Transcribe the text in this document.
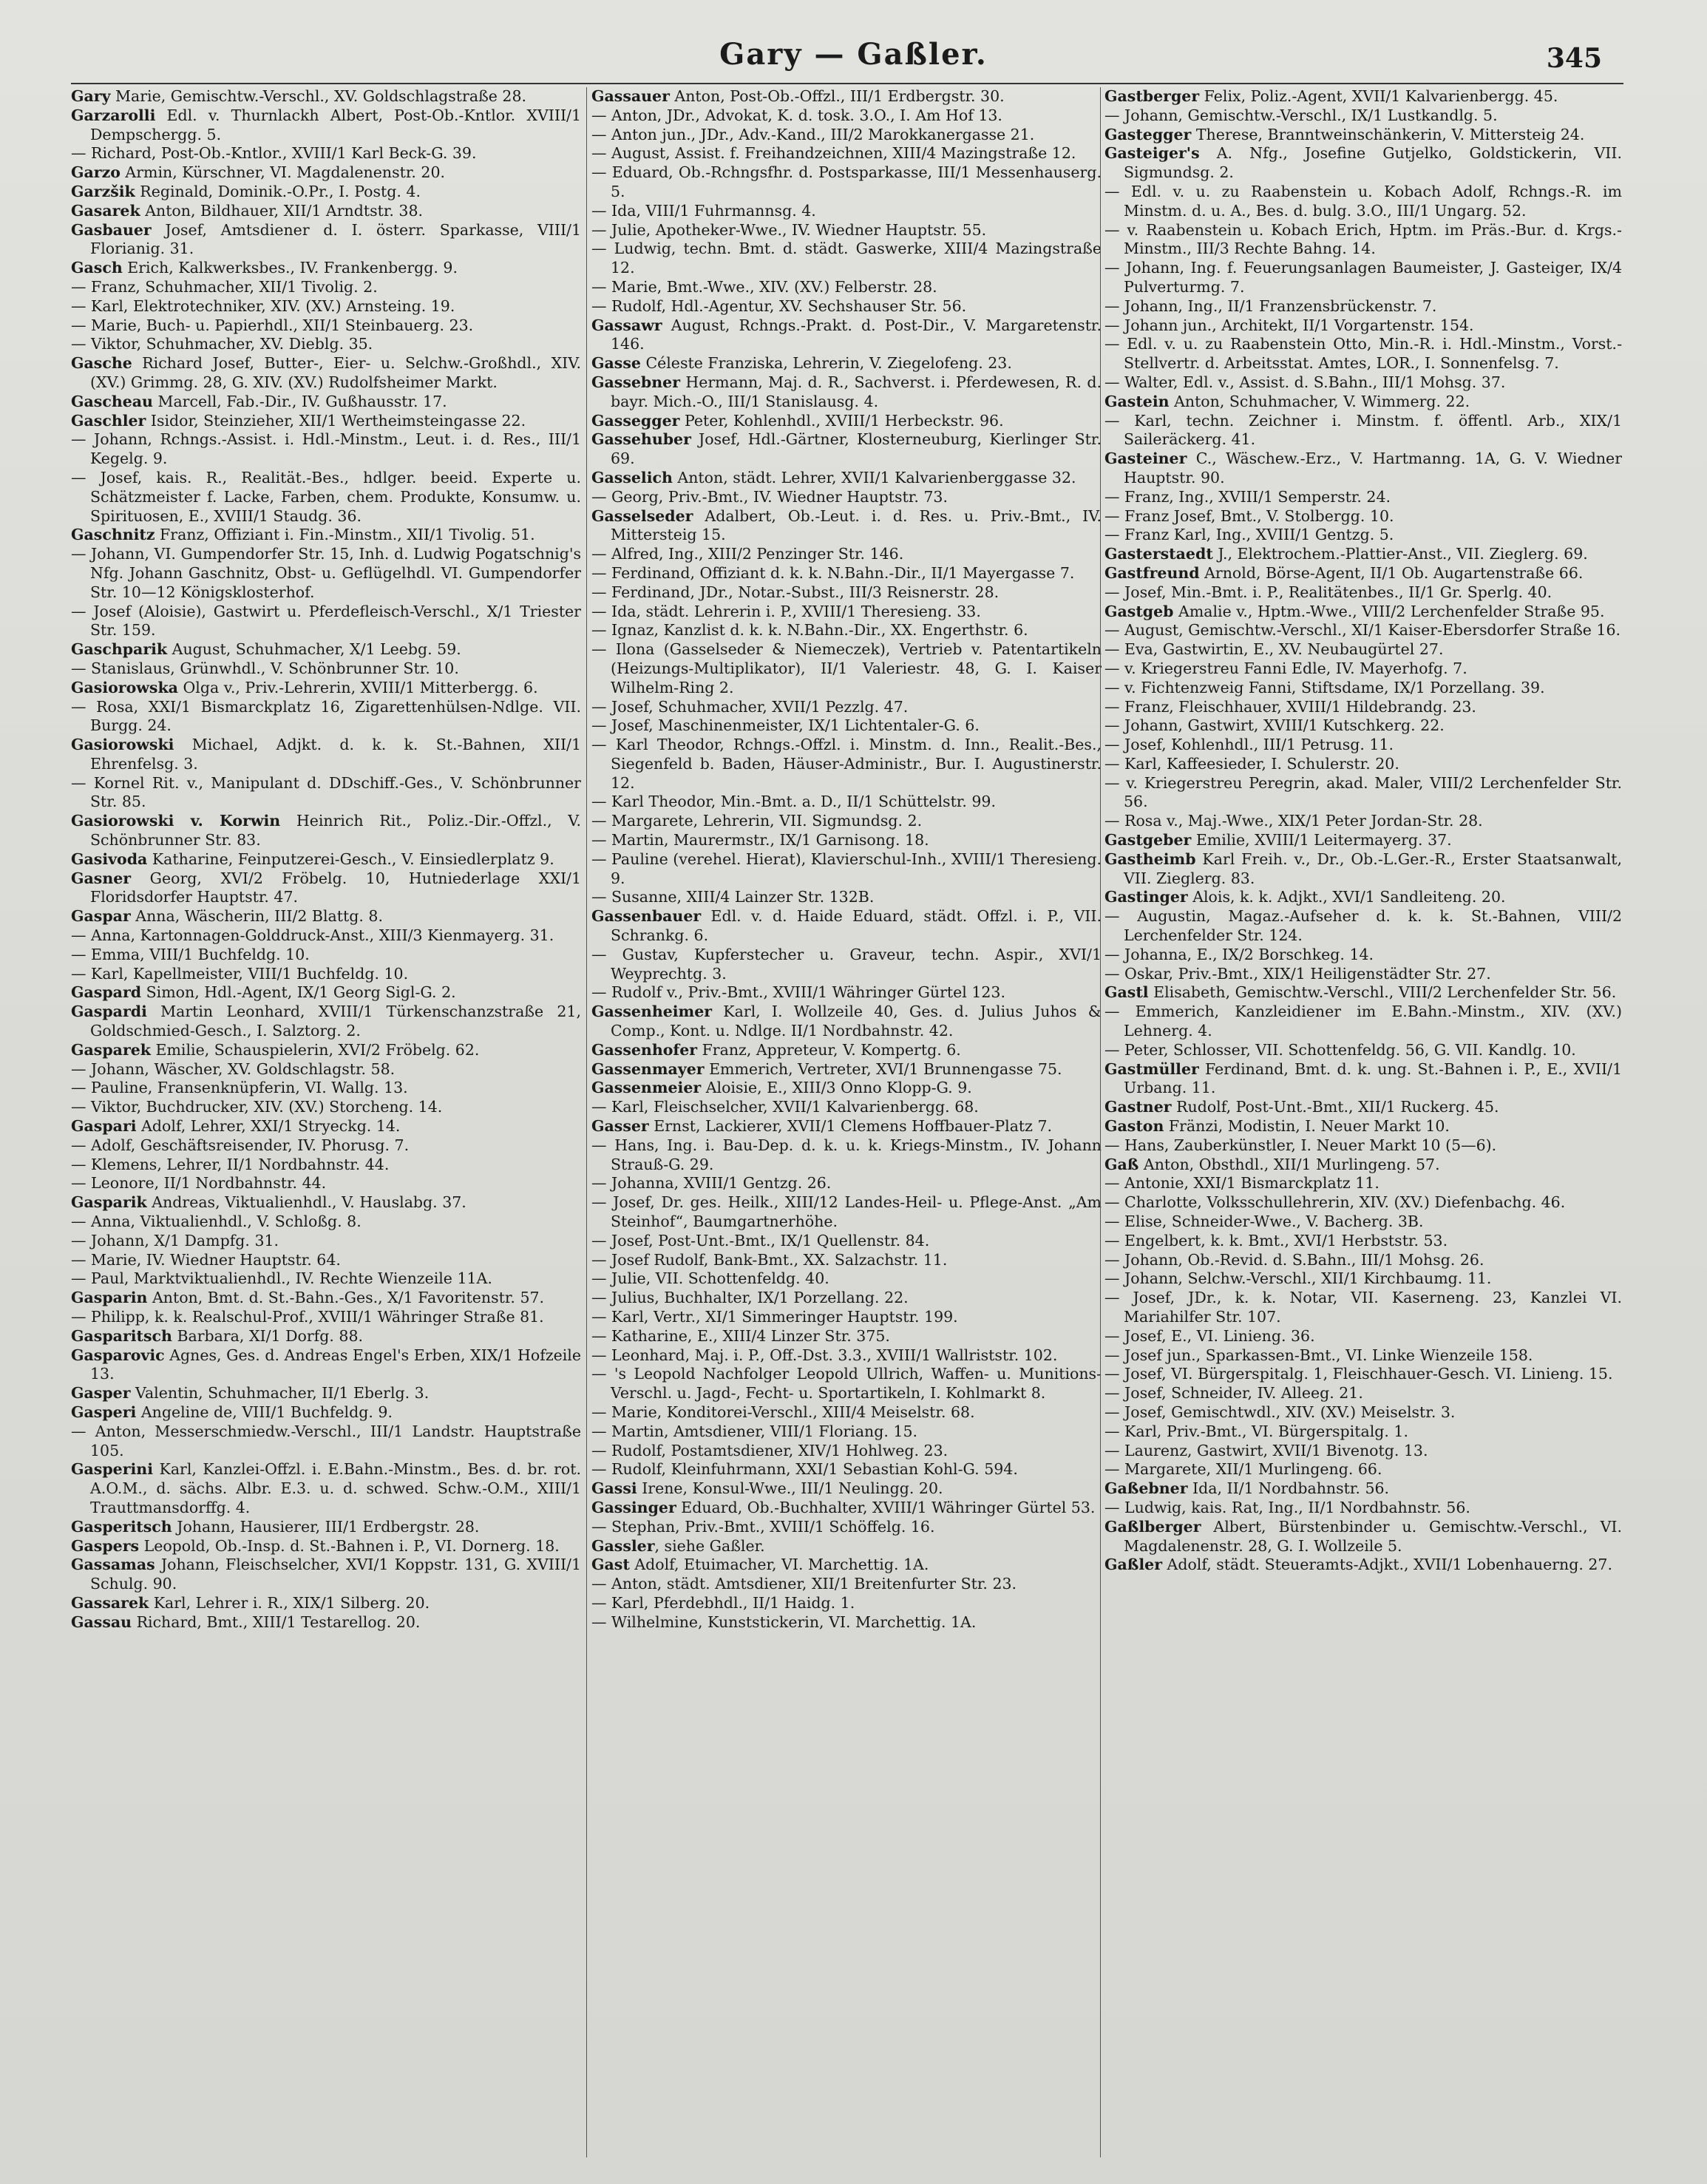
Gary — Gaßler.	345

Gary Marie, Gemischtw.-Verschl., XV. Goldschlagstraße 28.

Garzarolli Edl. v. Thurnlackh Albert, Post-Ob.-Kntlor. XVIII/1 Dempschergg. 5.

— Richard, Post-Ob.-Kntlor., XVIII/1 Karl Beck-G. 39.

Garzo Armin, Kürschner, VI. Magdalenenstr. 20.

Garzšik Reginald, Dominik.-O.Pr., I. Postg. 4.

Gasarek Anton, Bildhauer, XII/1 Arndtstr. 38.

Gasbauer Josef, Amtsdiener d. I. österr. Sparkasse, VIII/1 Florianig. 31.

Gasch Erich, Kalkwerksbes., IV. Frankenbergg. 9.

— Franz, Schuhmacher, XII/1 Tivolig. 2.

— Karl, Elektrotechniker, XIV. (XV.) Arnsteing. 19.

— Marie, Buch- u. Papierhdl., XII/1 Steinbauerg. 23.

— Viktor, Schuhmacher, XV. Dieblg. 35.

Gasche Richard Josef, Butter-, Eier- u. Selchw.-Großhdl., XIV. (XV.) Grimmg. 28, G. XIV. (XV.) Rudolfsheimer Markt.

Gascheau Marcell, Fab.-Dir., IV. Gußhausstr. 17.

Gaschler Isidor, Steinzieher, XII/1 Wertheimsteingasse 22.

— Johann, Rchngs.-Assist. i. Hdl.-Minstm., Leut. i. d. Res., III/1 Kegelg. 9.

— Josef, kais. R., Realität.-Bes., hdlger. beeid. Experte u. Schätzmeister f. Lacke, Farben, chem. Produkte, Konsumw. u. Spirituosen, E., XVIII/1 Staudg. 36.

Gaschnitz Franz, Offiziant i. Fin.-Minstm., XII/1 Tivolig. 51.

— Johann, VI. Gumpendorfer Str. 15, Inh. d. Ludwig Pogatschnig's Nfg. Johann Gaschnitz, Obst- u. Geflügelhdl. VI. Gumpendorfer Str. 10—12 Königsklosterhof.

— Josef (Aloisie), Gastwirt u. Pferdefleisch-Verschl., X/1 Triester Str. 159.

Gaschparik August, Schuhmacher, X/1 Leebg. 59.

— Stanislaus, Grünwhdl., V. Schönbrunner Str. 10.

Gasiorowska Olga v., Priv.-Lehrerin, XVIII/1 Mitterbergg. 6.

— Rosa, XXI/1 Bismarckplatz 16, Zigarettenhülsen-Ndlge. VII. Burgg. 24.

Gasiorowski Michael, Adjkt. d. k. k. St.-Bahnen, XII/1 Ehrenfelsg. 3.

— Kornel Rit. v., Manipulant d. DDschiff.-Ges., V. Schönbrunner Str. 85.

Gasiorowski v. Korwin Heinrich Rit., Poliz.-Dir.-Offzl., V. Schönbrunner Str. 83.

Gasivoda Katharine, Feinputzerei-Gesch., V. Einsiedlerplatz 9.

Gasner Georg, XVI/2 Fröbelg. 10, Hutniederlage XXI/1 Floridsdorfer Hauptstr. 47.

Gaspar Anna, Wäscherin, III/2 Blattg. 8.

— Anna, Kartonnagen-Golddruck-Anst., XIII/3 Kienmayerg. 31.

— Emma, VIII/1 Buchfeldg. 10.

— Karl, Kapellmeister, VIII/1 Buchfeldg. 10.

Gaspard Simon, Hdl.-Agent, IX/1 Georg Sigl-G. 2.

Gaspardi Martin Leonhard, XVIII/1 Türkenschanzstraße 21, Goldschmied-Gesch., I. Salztorg. 2.

Gasparek Emilie, Schauspielerin, XVI/2 Fröbelg. 62.

— Johann, Wäscher, XV. Goldschlagstr. 58.

— Pauline, Fransenknüpferin, VI. Wallg. 13.

— Viktor, Buchdrucker, XIV. (XV.) Storcheng. 14.

Gaspari Adolf, Lehrer, XXI/1 Stryeckg. 14.

— Adolf, Geschäftsreisender, IV. Phorusg. 7.

— Klemens, Lehrer, II/1 Nordbahnstr. 44.

— Leonore, II/1 Nordbahnstr. 44.

Gasparik Andreas, Viktualienhdl., V. Hauslabg. 37.

— Anna, Viktualienhdl., V. Schloßg. 8.

— Johann, X/1 Dampfg. 31.

— Marie, IV. Wiedner Hauptstr. 64.

— Paul, Marktviktualienhdl., IV. Rechte Wienzeile 11A.

Gasparin Anton, Bmt. d. St.-Bahn.-Ges., X/1 Favoritenstr. 57.

— Philipp, k. k. Realschul-Prof., XVIII/1 Währinger Straße 81.

Gasparitsch Barbara, XI/1 Dorfg. 88.

Gasparovic Agnes, Ges. d. Andreas Engel's Erben, XIX/1 Hofzeile 13.

Gasper Valentin, Schuhmacher, II/1 Eberlg. 3.

Gasperi Angeline de, VIII/1 Buchfeldg. 9.

— Anton, Messerschmiedw.-Verschl., III/1 Landstr. Hauptstraße 105.

Gasperini Karl, Kanzlei-Offzl. i. E.Bahn.-Minstm., Bes. d. br. rot. A.O.M., d. sächs. Albr. E.3. u. d. schwed. Schw.-O.M., XIII/1 Trauttmansdorffg. 4.

Gasperitsch Johann, Hausierer, III/1 Erdbergstr. 28.

Gaspers Leopold, Ob.-Insp. d. St.-Bahnen i. P., VI. Dornerg. 18.

Gassamas Johann, Fleischselcher, XVI/1 Koppstr. 131, G. XVIII/1 Schulg. 90.

Gassarek Karl, Lehrer i. R., XIX/1 Silberg. 20.

Gassau Richard, Bmt., XIII/1 Testarellog. 20.

Gassauer Anton, Post-Ob.-Offzl., III/1 Erdbergstr. 30.

— Anton, JDr., Advokat, K. d. tosk. 3.O., I. Am Hof 13.

— Anton jun., JDr., Adv.-Kand., III/2 Marokkanergasse 21.

— August, Assist. f. Freihandzeichnen, XIII/4 Mazingstraße 12.

— Eduard, Ob.-Rchngsfhr. d. Postsparkasse, III/1 Messenhauserg. 5.

— Ida, VIII/1 Fuhrmannsg. 4.

— Julie, Apotheker-Wwe., IV. Wiedner Hauptstr. 55.

— Ludwig, techn. Bmt. d. städt. Gaswerke, XIII/4 Mazingstraße 12.

— Marie, Bmt.-Wwe., XIV. (XV.) Felberstr. 28.

— Rudolf, Hdl.-Agentur, XV. Sechshauser Str. 56.

Gassawr August, Rchngs.-Prakt. d. Post-Dir., V. Margaretenstr. 146.

Gasse Céleste Franziska, Lehrerin, V. Ziegelofeng. 23.

Gassebner Hermann, Maj. d. R., Sachverst. i. Pferdewesen, R. d. bayr. Mich.-O., III/1 Stanislausg. 4.

Gassegger Peter, Kohlenhdl., XVIII/1 Herbeckstr. 96.

Gassehuber Josef, Hdl.-Gärtner, Klosterneuburg, Kierlinger Str. 69.

Gasselich Anton, städt. Lehrer, XVII/1 Kalvarienberggasse 32.

— Georg, Priv.-Bmt., IV. Wiedner Hauptstr. 73.

Gasselseder Adalbert, Ob.-Leut. i. d. Res. u. Priv.-Bmt., IV. Mittersteig 15.

— Alfred, Ing., XIII/2 Penzinger Str. 146.

— Ferdinand, Offiziant d. k. k. N.Bahn.-Dir., II/1 Mayergasse 7.

— Ferdinand, JDr., Notar.-Subst., III/3 Reisnerstr. 28.

— Ida, städt. Lehrerin i. P., XVIII/1 Theresieng. 33.

— Ignaz, Kanzlist d. k. k. N.Bahn.-Dir., XX. Engerthstr. 6.

— Ilona (Gasselseder & Niemeczek), Vertrieb v. Patentartikeln (Heizungs-Multiplikator), II/1 Valeriestr. 48, G. I. Kaiser Wilhelm-Ring 2.

— Josef, Schuhmacher, XVII/1 Pezzlg. 47.

— Josef, Maschinenmeister, IX/1 Lichtentaler-G. 6.

— Karl Theodor, Rchngs.-Offzl. i. Minstm. d. Inn., Realit.-Bes., Siegenfeld b. Baden, Häuser-Administr., Bur. I. Augustinerstr. 12.

— Karl Theodor, Min.-Bmt. a. D., II/1 Schüttelstr. 99.

— Margarete, Lehrerin, VII. Sigmundsg. 2.

— Martin, Maurermstr., IX/1 Garnisong. 18.

— Pauline (verehel. Hierat), Klavierschul-Inh., XVIII/1 Theresieng. 9.

— Susanne, XIII/4 Lainzer Str. 132B.

Gassenbauer Edl. v. d. Haide Eduard, städt. Offzl. i. P., VII. Schrankg. 6.

— Gustav, Kupferstecher u. Graveur, techn. Aspir., XVI/1 Weyprechtg. 3.

— Rudolf v., Priv.-Bmt., XVIII/1 Währinger Gürtel 123.

Gassenheimer Karl, I. Wollzeile 40, Ges. d. Julius Juhos & Comp., Kont. u. Ndlge. II/1 Nordbahnstr. 42.

Gassenhofer Franz, Appreteur, V. Kompertg. 6.

Gassenmayer Emmerich, Vertreter, XVI/1 Brunnengasse 75.

Gassenmeier Aloisie, E., XIII/3 Onno Klopp-G. 9.

— Karl, Fleischselcher, XVII/1 Kalvarienbergg. 68.

Gasser Ernst, Lackierer, XVII/1 Clemens Hoffbauer-Platz 7.

— Hans, Ing. i. Bau-Dep. d. k. u. k. Kriegs-Minstm., IV. Johann Strauß-G. 29.

— Johanna, XVIII/1 Gentzg. 26.

— Josef, Dr. ges. Heilk., XIII/12 Landes-Heil- u. Pflege-Anst. „Am Steinhof“, Baumgartnerhöhe.

— Josef, Post-Unt.-Bmt., IX/1 Quellenstr. 84.

— Josef Rudolf, Bank-Bmt., XX. Salzachstr. 11.

— Julie, VII. Schottenfeldg. 40.

— Julius, Buchhalter, IX/1 Porzellang. 22.

— Karl, Vertr., XI/1 Simmeringer Hauptstr. 199.

— Katharine, E., XIII/4 Linzer Str. 375.

— Leonhard, Maj. i. P., Off.-Dst. 3.3., XVIII/1 Wallriststr. 102.

— 's Leopold Nachfolger Leopold Ullrich, Waffen- u. Munitions-Verschl. u. Jagd-, Fecht- u. Sportartikeln, I. Kohlmarkt 8.

— Marie, Konditorei-Verschl., XIII/4 Meiselstr. 68.

— Martin, Amtsdiener, VIII/1 Floriang. 15.

— Rudolf, Postamtsdiener, XIV/1 Hohlweg. 23.

— Rudolf, Kleinfuhrmann, XXI/1 Sebastian Kohl-G. 594.

Gassi Irene, Konsul-Wwe., III/1 Neulingg. 20.

Gassinger Eduard, Ob.-Buchhalter, XVIII/1 Währinger Gürtel 53.

— Stephan, Priv.-Bmt., XVIII/1 Schöffelg. 16.

Gassler, siehe Gaßler.

Gast Adolf, Etuimacher, VI. Marchettig. 1A.

— Anton, städt. Amtsdiener, XII/1 Breitenfurter Str. 23.

— Karl, Pferdebhdl., II/1 Haidg. 1.

— Wilhelmine, Kunststickerin, VI. Marchettig. 1A.

Gastberger Felix, Poliz.-Agent, XVII/1 Kalvarienbergg. 45.

— Johann, Gemischtw.-Verschl., IX/1 Lustkandlg. 5.

Gastegger Therese, Branntweinschänkerin, V. Mittersteig 24.

Gasteiger's A. Nfg., Josefine Gutjelko, Goldstickerin, VII. Sigmundsg. 2.

— Edl. v. u. zu Raabenstein u. Kobach Adolf, Rchngs.-R. im Minstm. d. u. A., Bes. d. bulg. 3.O., III/1 Ungarg. 52.

— v. Raabenstein u. Kobach Erich, Hptm. im Präs.-Bur. d. Krgs.-Minstm., III/3 Rechte Bahng. 14.

— Johann, Ing. f. Feuerungsanlagen Baumeister, J. Gasteiger, IX/4 Pulverturmg. 7.

— Johann, Ing., II/1 Franzensbrückenstr. 7.

— Johann jun., Architekt, II/1 Vorgartenstr. 154.

— Edl. v. u. zu Raabenstein Otto, Min.-R. i. Hdl.-Minstm., Vorst.-Stellvertr. d. Arbeitsstat. Amtes, LOR., I. Sonnenfelsg. 7.

— Walter, Edl. v., Assist. d. S.Bahn., III/1 Mohsg. 37.

Gastein Anton, Schuhmacher, V. Wimmerg. 22.

— Karl, techn. Zeichner i. Minstm. f. öffentl. Arb., XIX/1 Saileräckerg. 41.

Gasteiner C., Wäschew.-Erz., V. Hartmanng. 1A, G. V. Wiedner Hauptstr. 90.

— Franz, Ing., XVIII/1 Semperstr. 24.

— Franz Josef, Bmt., V. Stolbergg. 10.

— Franz Karl, Ing., XVIII/1 Gentzg. 5.

Gasterstaedt J., Elektrochem.-Plattier-Anst., VII. Zieglerg. 69.

Gastfreund Arnold, Börse-Agent, II/1 Ob. Augartenstraße 66.

— Josef, Min.-Bmt. i. P., Realitätenbes., II/1 Gr. Sperlg. 40.

Gastgeb Amalie v., Hptm.-Wwe., VIII/2 Lerchenfelder Straße 95.

— August, Gemischtw.-Verschl., XI/1 Kaiser-Ebersdorfer Straße 16.

— Eva, Gastwirtin, E., XV. Neubaugürtel 27.

— v. Kriegerstreu Fanni Edle, IV. Mayerhofg. 7.

— v. Fichtenzweig Fanni, Stiftsdame, IX/1 Porzellang. 39.

— Franz, Fleischhauer, XVIII/1 Hildebrandg. 23.

— Johann, Gastwirt, XVIII/1 Kutschkerg. 22.

— Josef, Kohlenhdl., III/1 Petrusg. 11.

— Karl, Kaffeesieder, I. Schulerstr. 20.

— v. Kriegerstreu Peregrin, akad. Maler, VIII/2 Lerchenfelder Str. 56.

— Rosa v., Maj.-Wwe., XIX/1 Peter Jordan-Str. 28.

Gastgeber Emilie, XVIII/1 Leitermayerg. 37.

Gastheimb Karl Freih. v., Dr., Ob.-L.Ger.-R., Erster Staatsanwalt, VII. Zieglerg. 83.

Gastinger Alois, k. k. Adjkt., XVI/1 Sandleiteng. 20.

— Augustin, Magaz.-Aufseher d. k. k. St.-Bahnen, VIII/2 Lerchenfelder Str. 124.

— Johanna, E., IX/2 Borschkeg. 14.

— Oskar, Priv.-Bmt., XIX/1 Heiligenstädter Str. 27.

Gastl Elisabeth, Gemischtw.-Verschl., VIII/2 Lerchenfelder Str. 56.

— Emmerich, Kanzleidiener im E.Bahn.-Minstm., XIV. (XV.) Lehnerg. 4.

— Peter, Schlosser, VII. Schottenfeldg. 56, G. VII. Kandlg. 10.

Gastmüller Ferdinand, Bmt. d. k. ung. St.-Bahnen i. P., E., XVII/1 Urbang. 11.

Gastner Rudolf, Post-Unt.-Bmt., XII/1 Ruckerg. 45.

Gaston Fränzi, Modistin, I. Neuer Markt 10.

— Hans, Zauberkünstler, I. Neuer Markt 10 (5—6).

Gaß Anton, Obsthdl., XII/1 Murlingeng. 57.

— Antonie, XXI/1 Bismarckplatz 11.

— Charlotte, Volksschullehrerin, XIV. (XV.) Diefenbachg. 46.

— Elise, Schneider-Wwe., V. Bacherg. 3B.

— Engelbert, k. k. Bmt., XVI/1 Herbststr. 53.

— Johann, Ob.-Revid. d. S.Bahn., III/1 Mohsg. 26.

— Johann, Selchw.-Verschl., XII/1 Kirchbaumg. 11.

— Josef, JDr., k. k. Notar, VII. Kaserneng. 23, Kanzlei VI. Mariahilfer Str. 107.

— Josef, E., VI. Linieng. 36.

— Josef jun., Sparkassen-Bmt., VI. Linke Wienzeile 158.

— Josef, VI. Bürgerspitalg. 1, Fleischhauer-Gesch. VI. Linieng. 15.

— Josef, Schneider, IV. Alleeg. 21.

— Josef, Gemischtwdl., XIV. (XV.) Meiselstr. 3.

— Karl, Priv.-Bmt., VI. Bürgerspitalg. 1.

— Laurenz, Gastwirt, XVII/1 Bivenotg. 13.

— Margarete, XII/1 Murlingeng. 66.

Gaßebner Ida, II/1 Nordbahnstr. 56.

— Ludwig, kais. Rat, Ing., II/1 Nordbahnstr. 56.

Gaßlberger Albert, Bürstenbinder u. Gemischtw.-Verschl., VI. Magdalenenstr. 28, G. I. Wollzeile 5.

Gaßler Adolf, städt. Steueramts-Adjkt., XVII/1 Lobenhauerng. 27.
